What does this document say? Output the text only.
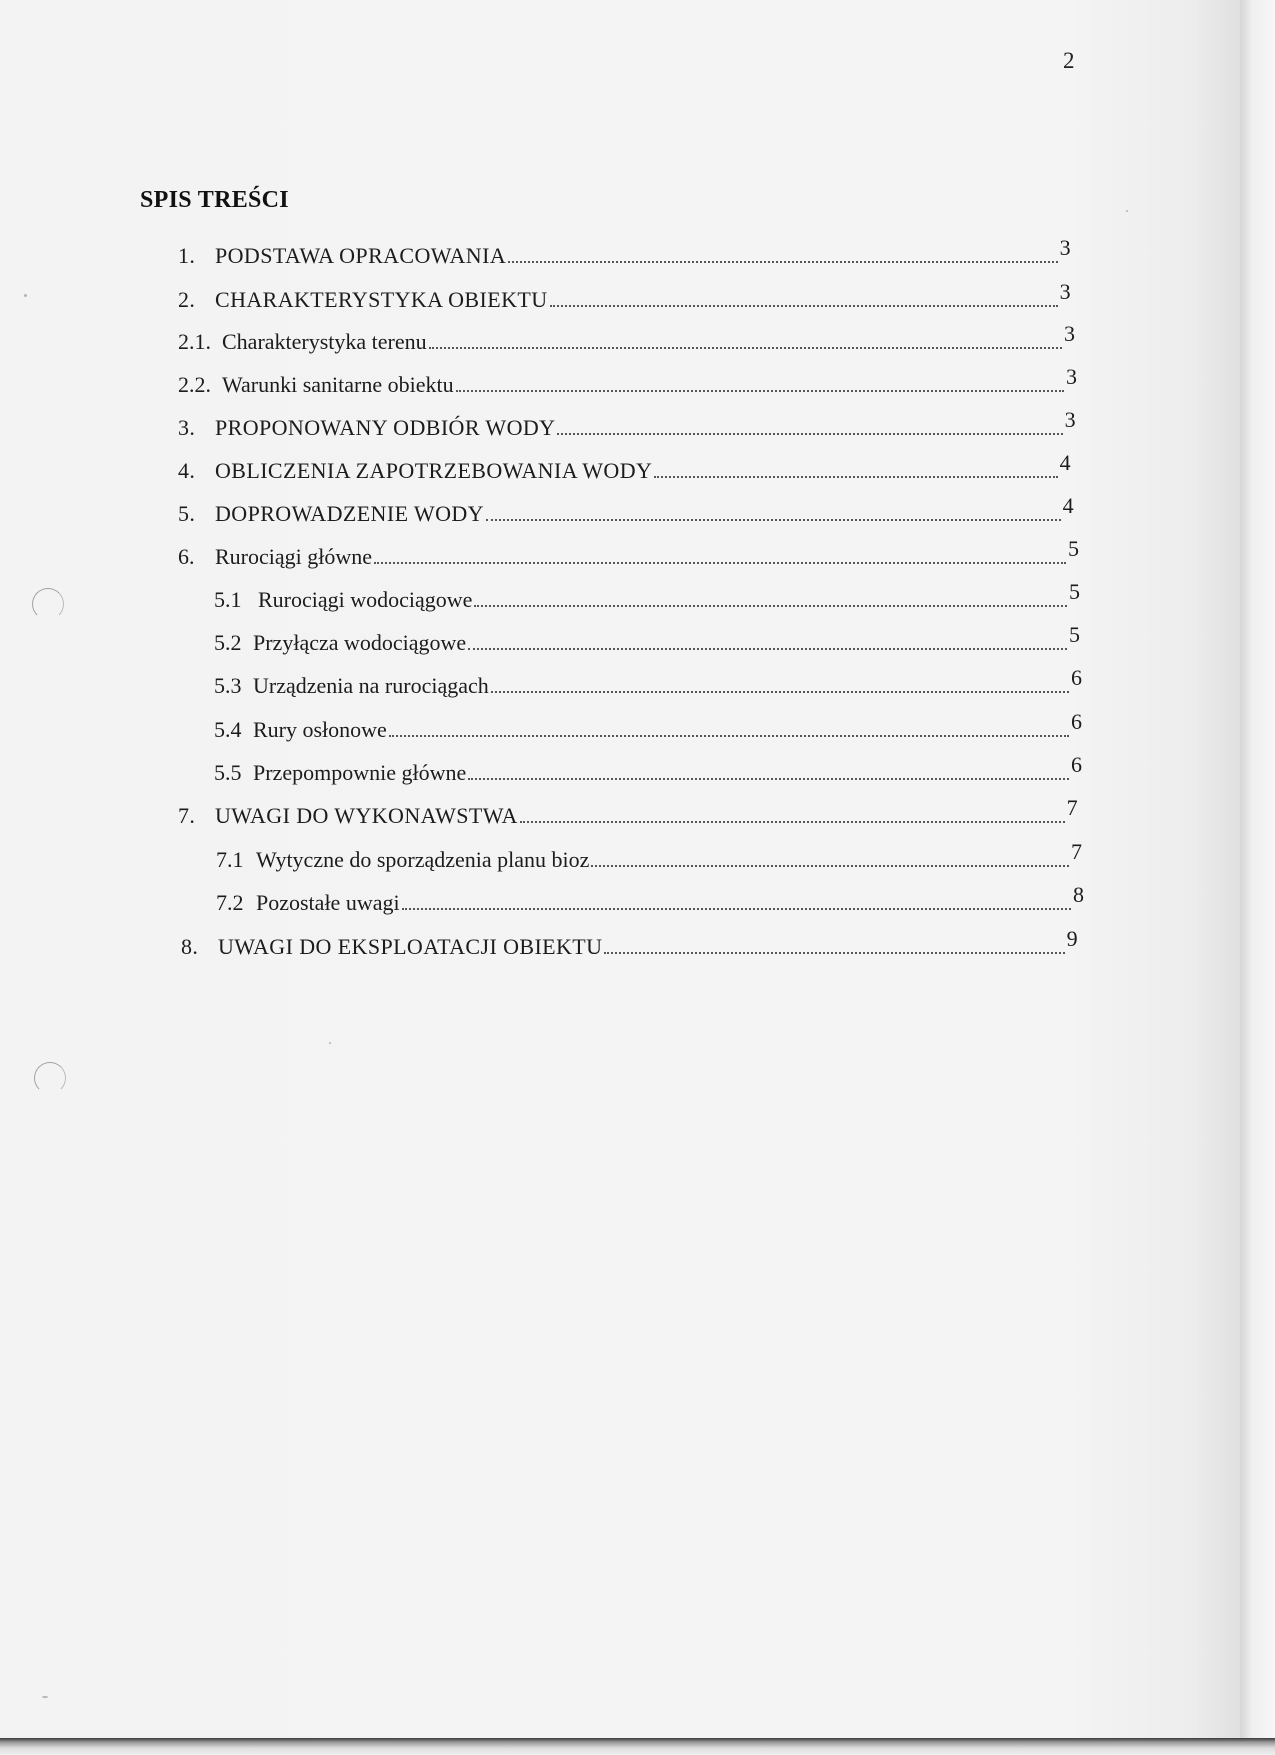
2
SPIS TREŚCI
1. PODSTAWA OPRACOWANIA	3
2. CHARAKTERYSTYKA OBIEKTU	3
2.1. Charakterystyka terenu	3
2.2. Warunki sanitarne obiektu	3
3. PROPONOWANY ODBIÓR WODY	3
4. OBLICZENIA ZAPOTRZEBOWANIA WODY	4
5. DOPROWADZENIE WODY	4
6. Rurociągi główne	5
5.1 Rurociągi wodociągowe	5
5.2 Przyłącza wodociągowe	5
5.3 Urządzenia na rurociągach	6
5.4 Rury osłonowe	6
5.5 Przepompownie główne	6
7. UWAGI DO WYKONAWSTWA	7
7.1 Wytyczne do sporządzenia planu bioz	7
7.2 Pozostałe uwagi	8
8. UWAGI DO EKSPLOATACJI OBIEKTU	9
